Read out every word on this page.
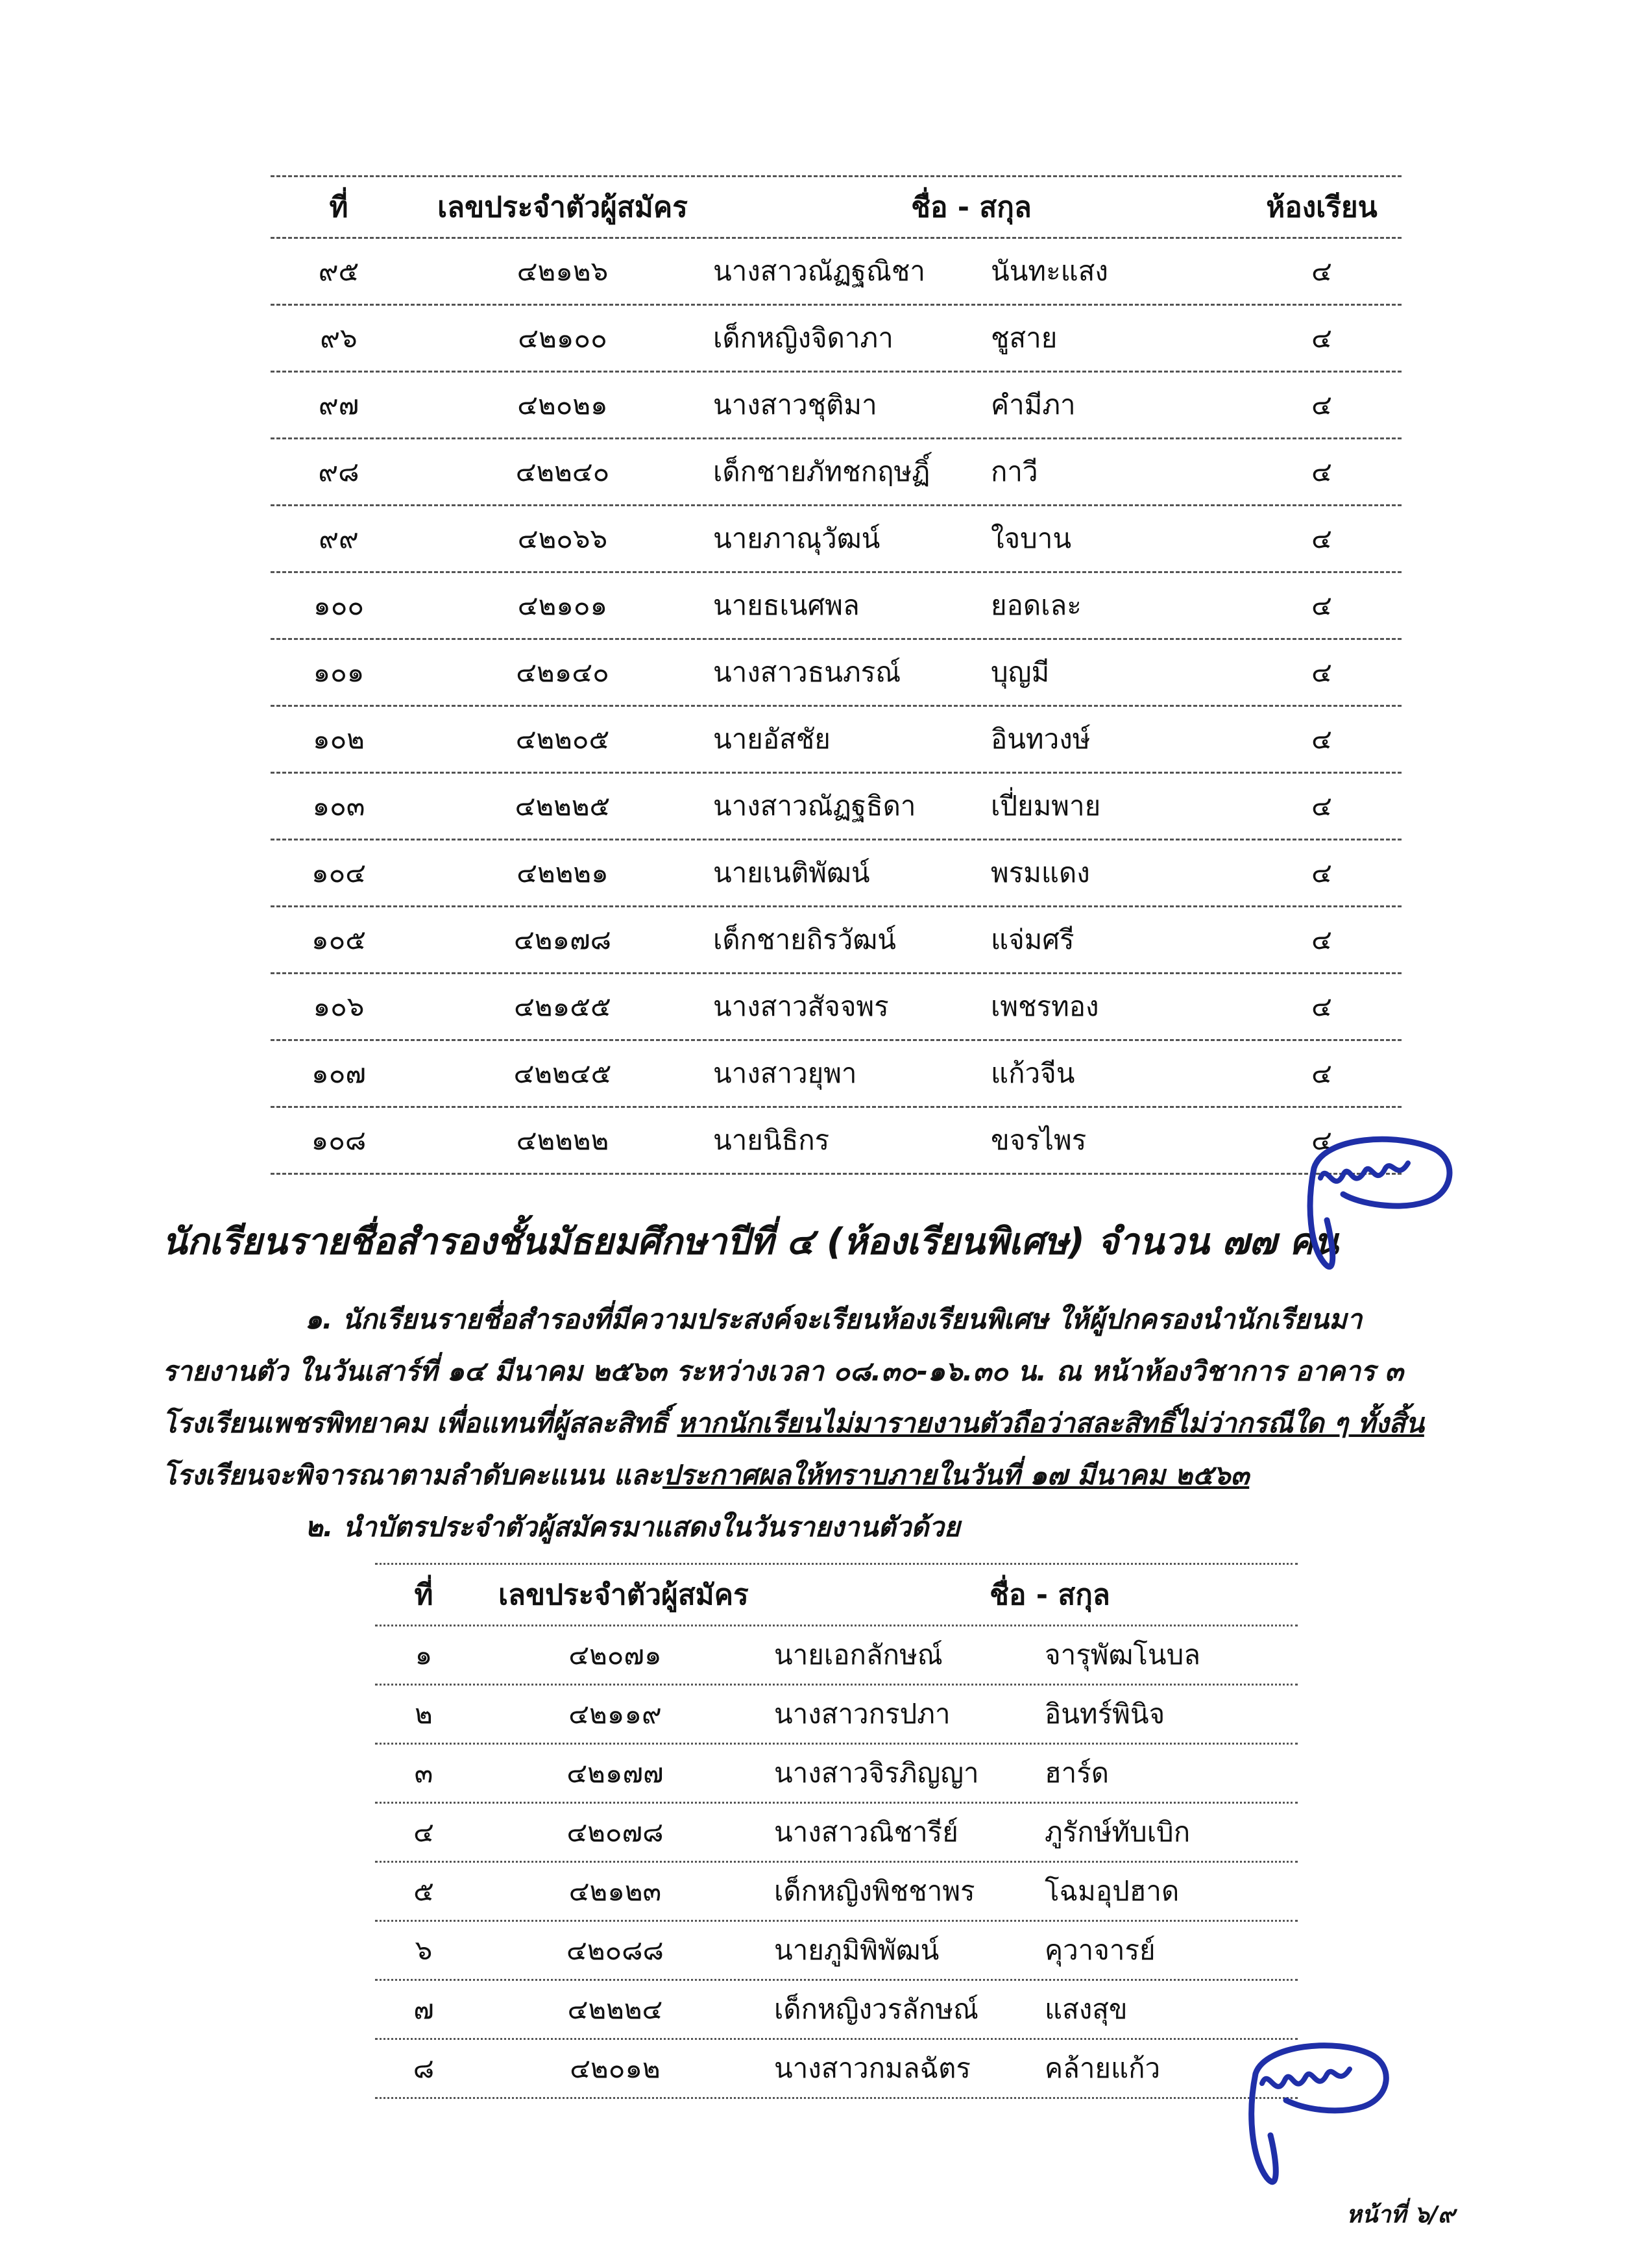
ที่	เลขประจำตัวผู้สมัคร	ชื่อ - สกุล	ห้องเรียน
๙๕	๔๒๑๒๖	นางสาวณัฏฐณิชา นันทะแสง	๔
๙๖	๔๒๑๐๐	เด็กหญิงจิดาภา	ชูสาย	๔
๙๗	๔๒๐๒๑	นางสาวชุติมา	คำมีภา	๔
๙๘	๔๒๒๔๐	เด็กชายภัทชกฤษฏิ์ กาวี	๔
๙๙	๔๒๐๖๖	นายภาณุวัฒน์	ใจบาน	๔
๑๐๐	๔๒๑๐๑	นายธเนศพล	ยอดเละ	๔
๑๐๑	๔๒๑๔๐	นางสาวธนภรณ์	บุญมี	๔
๑๐๒	๔๒๒๐๕	นายอัสชัย	อินทวงษ์	๔
๑๐๓	๔๒๒๒๕	นางสาวณัฏฐธิดา	เปี่ยมพาย	๔
๑๐๔	๔๒๒๒๑	นายเนติพัฒน์	พรมแดง	๔
๑๐๕	๔๒๑๗๘	เด็กชายถิรวัฒน์	แจ่มศรี	๔
๑๐๖	๔๒๑๕๕	นางสาวสัจจพร	เพชรทอง	๔
๑๐๗	๔๒๒๔๕	นางสาวยุพา	แก้วจีน	๔
๑๐๘	๔๒๒๒๒	นายนิธิกร	ขจรไพร	๔
นักเรียนรายชื่อสำรองชั้นมัธยมศึกษาปีที่ ๔ (ห้องเรียนพิเศษ) จำนวน ๗๗ คน
๑. นักเรียนรายชื่อสำรองที่มีความประสงค์จะเรียนห้องเรียนพิเศษ ให้ผู้ปกครองนำนักเรียนมา
รายงานตัว ในวันเสาร์ที่ ๑๔ มีนาคม ๒๕๖๓ ระหว่างเวลา ๐๘.๓๐-๑๖.๓๐ น. ณ หน้าห้องวิชาการ อาคาร ๓
โรงเรียนเพชรพิทยาคม เพื่อแทนที่ผู้สละสิทธิ์ หากนักเรียนไม่มารายงานตัวถือว่าสละสิทธิ์ไม่ว่ากรณีใด ๆ ทั้งสิ้น
โรงเรียนจะพิจารณาตามลำดับคะแนน และประกาศผลให้ทราบภายในวันที่ ๑๗ มีนาคม ๒๕๖๓
๒. นำบัตรประจำตัวผู้สมัครมาแสดงในวันรายงานตัวด้วย
ที่	เลขประจำตัวผู้สมัคร	ชื่อ - สกุล
๑	๔๒๐๗๑	นายเอกลักษณ์	จารุพัฒโนบล
๒	๔๒๑๑๙	นางสาวกรปภา	อินทร์พินิจ
๓	๔๒๑๗๗	นางสาวจิรภิญญา ฮาร์ด
๔	๔๒๐๗๘	นางสาวณิชารีย์	ภูรักษ์ทับเบิก
๕	๔๒๑๒๓	เด็กหญิงพิชชาพร	โฉมอุปฮาด
๖	๔๒๐๘๘	นายภูมิพิพัฒน์	คุวาจารย์
๗	๔๒๒๒๔	เด็กหญิงวรลักษณ์ แสงสุข
๘	๔๒๐๑๒	นางสาวกมลฉัตร	คล้ายแก้ว
หน้าที่ ๖/๙
